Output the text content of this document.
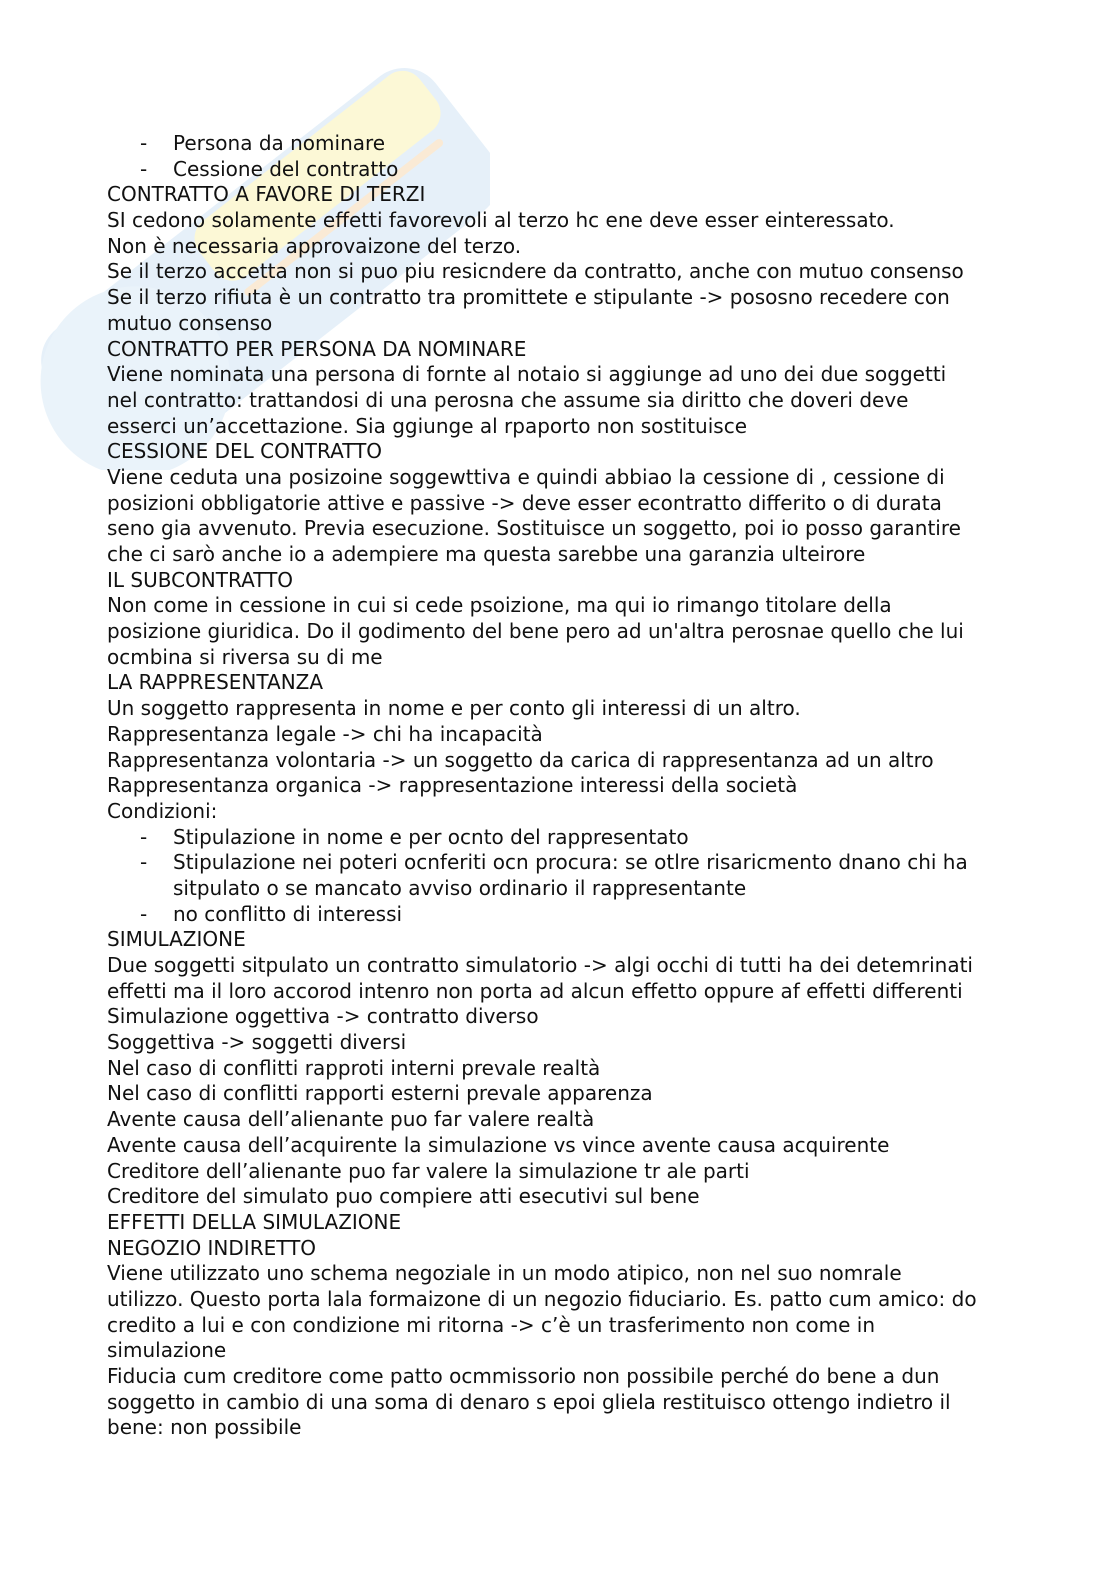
- Persona da nominare
- Cessione del contratto
CONTRATTO A FAVORE DI TERZI
SI cedono solamente effetti favorevoli al terzo hc ene deve esser einteressato.
Non è necessaria approvaizone del terzo.
Se il terzo accetta non si puo piu resicndere da contratto, anche con mutuo consenso
Se il terzo rifiuta è un contratto tra promittete e stipulante -> pososno recedere con
mutuo consenso
CONTRATTO PER PERSONA DA NOMINARE
Viene nominata una persona di fornte al notaio si aggiunge ad uno dei due soggetti
nel contratto: trattandosi di una perosna che assume sia diritto che doveri deve
esserci un’accettazione. Sia ggiunge al rpaporto non sostituisce
CESSIONE DEL CONTRATTO
Viene ceduta una posizoine soggewttiva e quindi abbiao la cessione di , cessione di
posizioni obbligatorie attive e passive -> deve esser econtratto differito o di durata
seno gia avvenuto. Previa esecuzione. Sostituisce un soggetto, poi io posso garantire
che ci sarò anche io a adempiere ma questa sarebbe una garanzia ulteirore
IL SUBCONTRATTO
Non come in cessione in cui si cede psoizione, ma qui io rimango titolare della
posizione giuridica. Do il godimento del bene pero ad un'altra perosnae quello che lui
ocmbina si riversa su di me
LA RAPPRESENTANZA
Un soggetto rappresenta in nome e per conto gli interessi di un altro.
Rappresentanza legale -> chi ha incapacità
Rappresentanza volontaria -> un soggetto da carica di rappresentanza ad un altro
Rappresentanza organica -> rappresentazione interessi della società
Condizioni:
- Stipulazione in nome e per ocnto del rappresentato
- Stipulazione nei poteri ocnferiti ocn procura: se otlre risaricmento dnano chi ha
sitpulato o se mancato avviso ordinario il rappresentante
- no conflitto di interessi
SIMULAZIONE
Due soggetti sitpulato un contratto simulatorio -> algi occhi di tutti ha dei detemrinati
effetti ma il loro accorod intenro non porta ad alcun effetto oppure af effetti differenti
Simulazione oggettiva -> contratto diverso
Soggettiva -> soggetti diversi
Nel caso di conflitti rapproti interni prevale realtà
Nel caso di conflitti rapporti esterni prevale apparenza
Avente causa dell’alienante puo far valere realtà
Avente causa dell’acquirente la simulazione vs vince avente causa acquirente
Creditore dell’alienante puo far valere la simulazione tr ale parti
Creditore del simulato puo compiere atti esecutivi sul bene
EFFETTI DELLA SIMULAZIONE
NEGOZIO INDIRETTO
Viene utilizzato uno schema negoziale in un modo atipico, non nel suo nomrale
utilizzo. Questo porta lala formaizone di un negozio fiduciario. Es. patto cum amico: do
credito a lui e con condizione mi ritorna -> c’è un trasferimento non come in
simulazione
Fiducia cum creditore come patto ocmmissorio non possibile perché do bene a dun
soggetto in cambio di una soma di denaro s epoi gliela restituisco ottengo indietro il
bene: non possibile
